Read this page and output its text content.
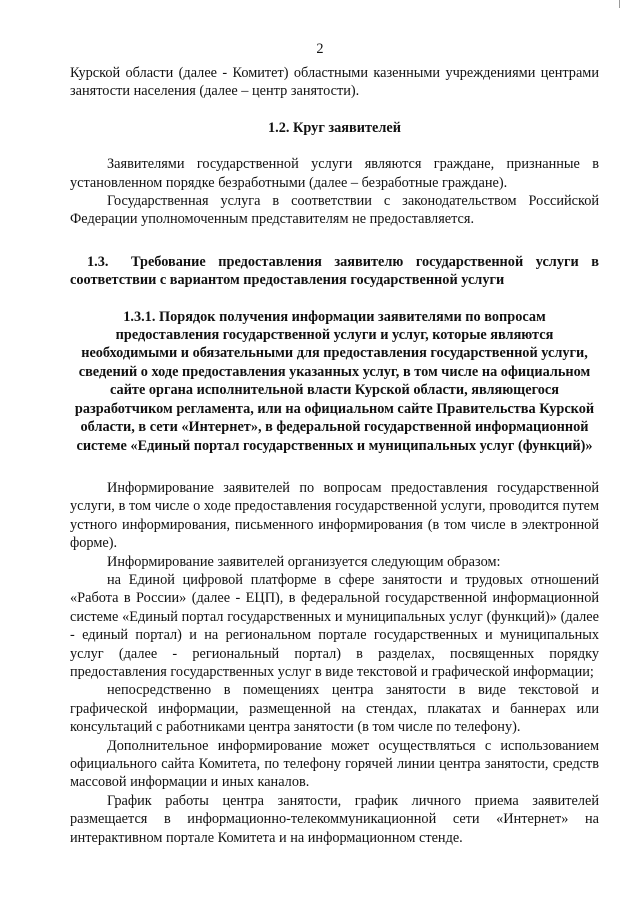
2

Курской области (далее - Комитет) областными казенными учреждениями центрами занятости населения (далее – центр занятости).

1.2. Круг заявителей

Заявителями государственной услуги являются граждане, признанные в установленном порядке безработными (далее – безработные граждане).

Государственная услуга в соответствии с законодательством Российской Федерации уполномоченным представителям не предоставляется.

1.3. Требование предоставления заявителю государственной услуги в соответствии с вариантом предоставления государственной услуги

1.3.1. Порядок получения информации заявителями по вопросам предоставления государственной услуги и услуг, которые являются необходимыми и обязательными для предоставления государственной услуги, сведений о ходе предоставления указанных услуг, в том числе на официальном сайте органа исполнительной власти Курской области, являющегося разработчиком регламента, или на официальном сайте Правительства Курской области, в сети «Интернет», в федеральной государственной информационной системе «Единый портал государственных и муниципальных услуг (функций)»

Информирование заявителей по вопросам предоставления государственной услуги, в том числе о ходе предоставления государственной услуги, проводится путем устного информирования, письменного информирования (в том числе в электронной форме).

Информирование заявителей организуется следующим образом:

на Единой цифровой платформе в сфере занятости и трудовых отношений «Работа в России» (далее - ЕЦП), в федеральной государственной информационной системе «Единый портал государственных и муниципальных услуг (функций)» (далее - единый портал) и на региональном портале государственных и муниципальных услуг (далее - региональный портал) в разделах, посвященных порядку предоставления государственных услуг в виде текстовой и графической информации;

непосредственно в помещениях центра занятости в виде текстовой и графической информации, размещенной на стендах, плакатах и баннерах или консультаций с работниками центра занятости (в том числе по телефону).

Дополнительное информирование может осуществляться с использованием официального сайта Комитета, по телефону горячей линии центра занятости, средств массовой информации и иных каналов.

График работы центра занятости, график личного приема заявителей размещается в информационно-телекоммуникационной сети «Интернет» на интерактивном портале Комитета и на информационном стенде.
